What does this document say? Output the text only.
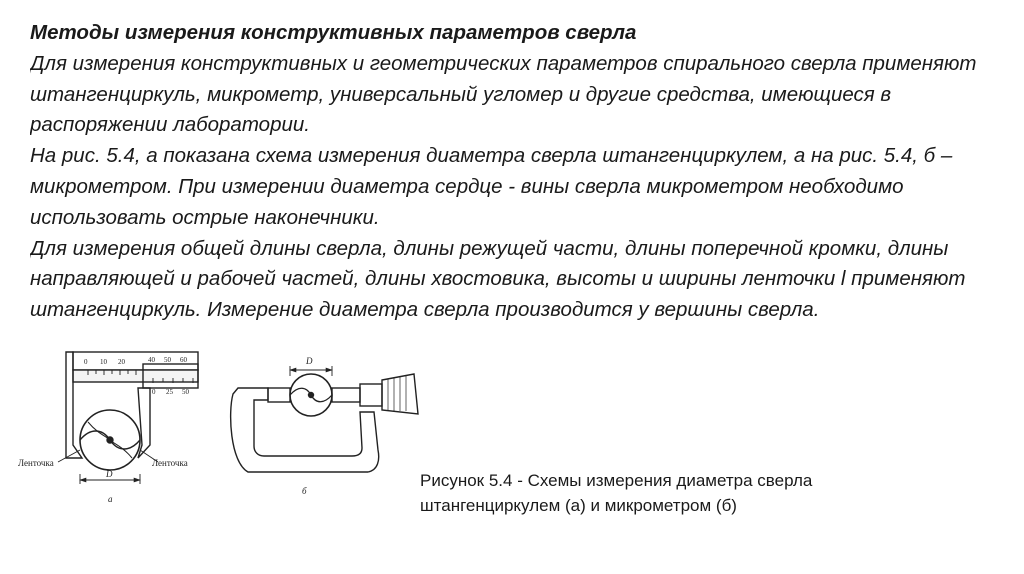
Методы измерения конструктивных параметров сверла

Для измерения конструктивных и геометрических параметров спирального сверла применяют штангенциркуль, микрометр, универсальный угломер и другие средства, имеющиеся в распоряжении лаборатории.

На рис. 5.4, а показана схема измерения диаметра сверла штангенциркулем, а на рис. 5.4, б – микрометром. При измерении диаметра сердце - вины сверла микрометром необходимо использовать острые наконечники.

Для измерения общей длины сверла, длины режущей части, длины поперечной кромки, длины направляющей и рабочей частей, длины хвостовика, высоты и ширины ленточки l применяют штангенциркуль. Измерение диаметра сверла производится у вершины сверла.

0 10 20	40 50 60
0 25 50
Ленточка	Ленточка
D
а
D
б

Рисунок 5.4 - Схемы измерения диаметра сверла

штангенциркулем (а) и микрометром (б)
